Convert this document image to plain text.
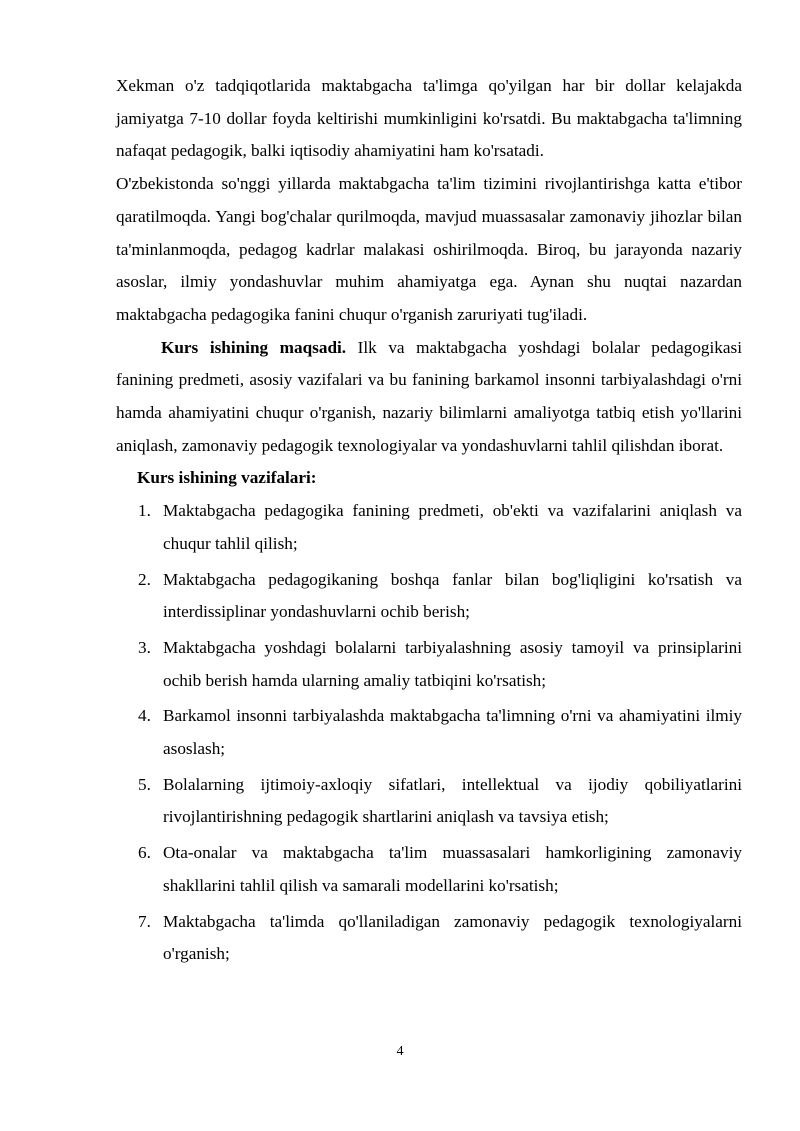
Xekman o'z tadqiqotlarida maktabgacha ta'limga qo'yilgan har bir dollar kelajakda jamiyatga 7-10 dollar foyda keltirishi mumkinligini ko'rsatdi. Bu maktabgacha ta'limning nafaqat pedagogik, balki iqtisodiy ahamiyatini ham ko'rsatadi.

O'zbekistonda so'nggi yillarda maktabgacha ta'lim tizimini rivojlantirishga katta e'tibor qaratilmoqda. Yangi bog'chalar qurilmoqda, mavjud muassasalar zamonaviy jihozlar bilan ta'minlanmoqda, pedagog kadrlar malakasi oshirilmoqda. Biroq, bu jarayonda nazariy asoslar, ilmiy yondashuvlar muhim ahamiyatga ega. Aynan shu nuqtai nazardan maktabgacha pedagogika fanini chuqur o'rganish zaruriyati tug'iladi.

Kurs ishining maqsadi. Ilk va maktabgacha yoshdagi bolalar pedagogikasi fanining predmeti, asosiy vazifalari va bu fanining barkamol insonni tarbiyalashdagi o'rni hamda ahamiyatini chuqur o'rganish, nazariy bilimlarni amaliyotga tatbiq etish yo'llarini aniqlash, zamonaviy pedagogik texnologiyalar va yondashuvlarni tahlil qilishdan iborat.

Kurs ishining vazifalari:
1. Maktabgacha pedagogika fanining predmeti, ob'ekti va vazifalarini aniqlash va chuqur tahlil qilish;
2. Maktabgacha pedagogikaning boshqa fanlar bilan bog'liqligini ko'rsatish va interdissiplinar yondashuvlarni ochib berish;
3. Maktabgacha yoshdagi bolalarni tarbiyalashning asosiy tamoyil va prinsiplarini ochib berish hamda ularning amaliy tatbiqini ko'rsatish;
4. Barkamol insonni tarbiyalashda maktabgacha ta'limning o'rni va ahamiyatini ilmiy asoslash;
5. Bolalarning ijtimoiy-axloqiy sifatlari, intellektual va ijodiy qobiliyatlarini rivojlantirishning pedagogik shartlarini aniqlash va tavsiya etish;
6. Ota-onalar va maktabgacha ta'lim muassasalari hamkorligining zamonaviy shakllarini tahlil qilish va samarali modellarini ko'rsatish;
7. Maktabgacha ta'limda qo'llaniladigan zamonaviy pedagogik texnologiyalarni o'rganish;
4
